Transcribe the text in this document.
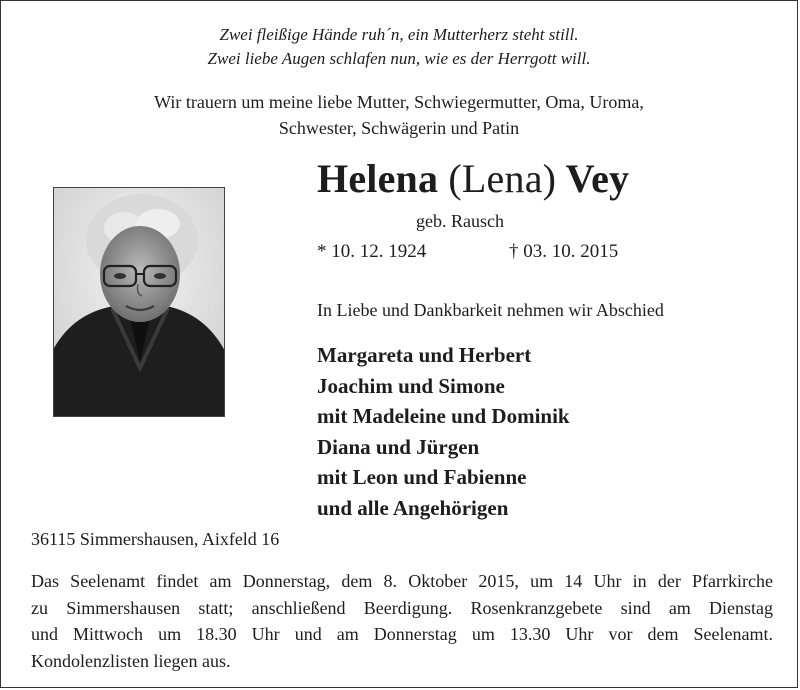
Zwei fleißige Hände ruh´n, ein Mutterherz steht still.
Zwei liebe Augen schlafen nun, wie es der Herrgott will.
Wir trauern um meine liebe Mutter, Schwiegermutter, Oma, Uroma,
Schwester, Schwägerin und Patin
Helena (Lena) Vey
geb. Rausch
* 10. 12. 1924	† 03. 10. 2015
In Liebe und Dankbarkeit nehmen wir Abschied
Margareta und Herbert
Joachim und Simone
mit Madeleine und Dominik
Diana und Jürgen
mit Leon und Fabienne
und alle Angehörigen
36115 Simmershausen, Aixfeld 16
Das Seelenamt findet am Donnerstag, dem 8. Oktober 2015, um 14 Uhr in der Pfarrkirche
zu Simmershausen statt; anschließend Beerdigung. Rosenkranzgebete sind am Dienstag
und Mittwoch um 18.30 Uhr und am Donnerstag um 13.30 Uhr vor dem Seelenamt.
Kondolenzlisten liegen aus.
